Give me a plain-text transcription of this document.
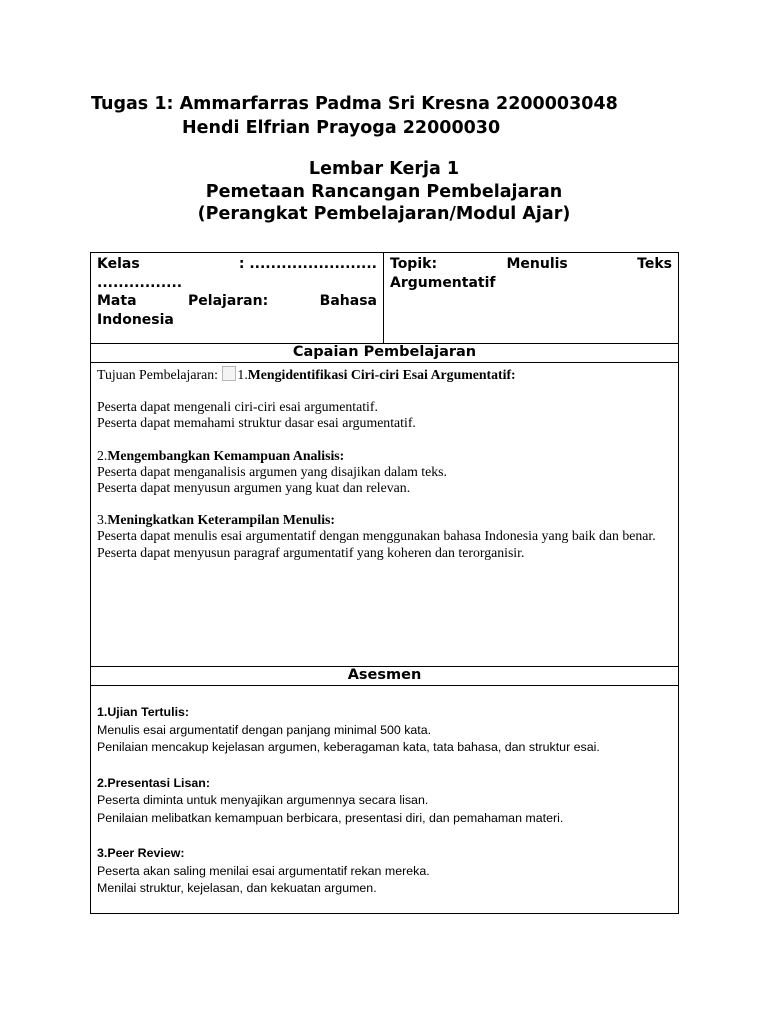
Tugas 1: Ammarfarras Padma Sri Kresna 2200003048
Hendi Elfrian Prayoga 22000030
Lembar Kerja 1
Pemetaan Rancangan Pembelajaran
(Perangkat Pembelajaran/Modul Ajar)
Kelas	: ........................
................
Mata	Pelajaran:	Bahasa
Indonesia

Topik:	Menulis	Teks
Argumentatif

Capaian Pembelajaran

Tujuan Pembelajaran: 1.Mengidentifikasi Ciri-ciri Esai Argumentatif:
Peserta dapat mengenali ciri-ciri esai argumentatif.
Peserta dapat memahami struktur dasar esai argumentatif.
2.Mengembangkan Kemampuan Analisis:
Peserta dapat menganalisis argumen yang disajikan dalam teks.
Peserta dapat menyusun argumen yang kuat dan relevan.
3.Meningkatkan Keterampilan Menulis:
Peserta dapat menulis esai argumentatif dengan menggunakan bahasa Indonesia yang baik dan benar.
Peserta dapat menyusun paragraf argumentatif yang koheren dan terorganisir.

Asesmen

1.Ujian Tertulis:
Menulis esai argumentatif dengan panjang minimal 500 kata.
Penilaian mencakup kejelasan argumen, keberagaman kata, tata bahasa, dan struktur esai.
2.Presentasi Lisan:
Peserta diminta untuk menyajikan argumennya secara lisan.
Penilaian melibatkan kemampuan berbicara, presentasi diri, dan pemahaman materi.
3.Peer Review:
Peserta akan saling menilai esai argumentatif rekan mereka.
Menilai struktur, kejelasan, dan kekuatan argumen.
